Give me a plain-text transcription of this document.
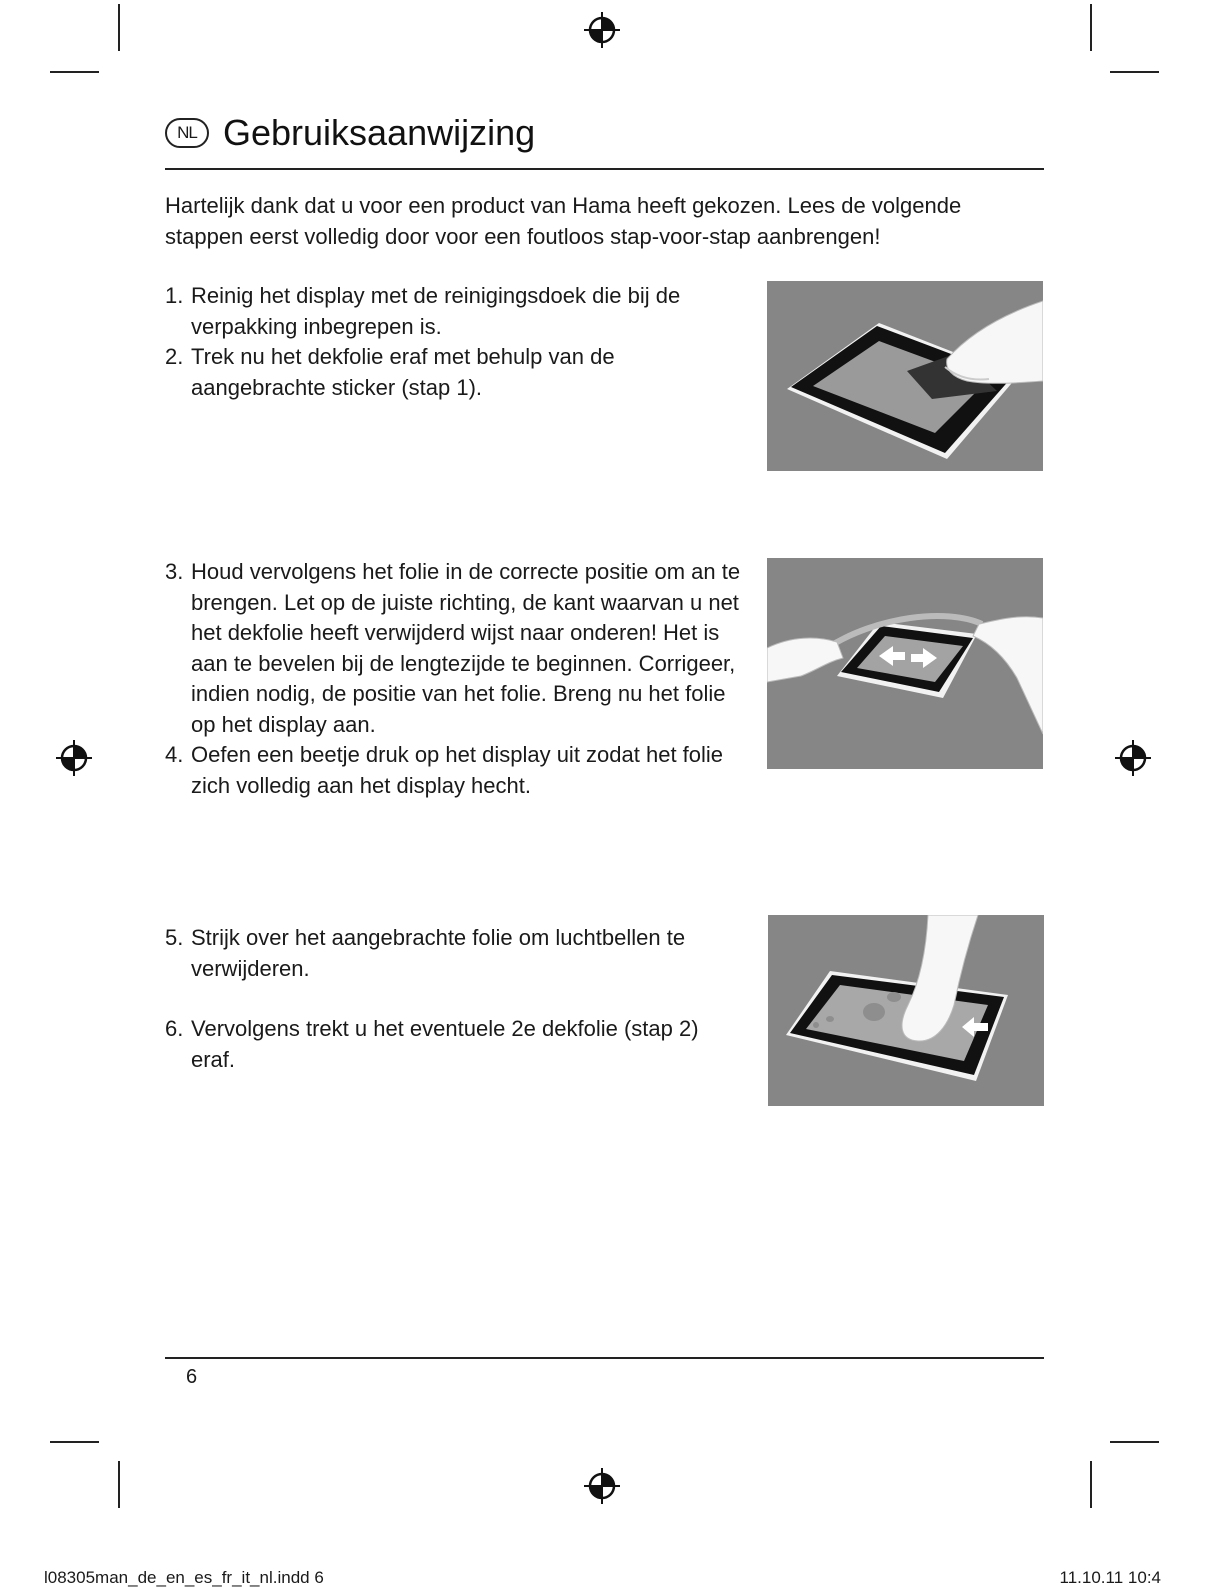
NL Gebruiksaanwijzing

Hartelijk dank dat u voor een product van Hama heeft gekozen. Lees de volgende stappen eerst volledig door voor een foutloos stap-voor-stap aanbrengen!

1. Reinig het display met de reinigingsdoek die bij de verpakking inbegrepen is.
2. Trek nu het dekfolie eraf met behulp van de aangebrachte sticker (stap 1).
3. Houd vervolgens het folie in de correcte positie om an te brengen. Let op de juiste richting, de kant waarvan u net het dekfolie heeft verwijderd wijst naar onderen! Het is aan te bevelen bij de lengtezijde te beginnen. Corrigeer, indien nodig, de positie van het folie. Breng nu het folie op het display aan.
4. Oefen een beetje druk op het display uit zodat het folie zich volledig aan het display hecht.
5. Strijk over het aangebrachte folie om luchtbellen te verwijderen.
6. Vervolgens trekt u het eventuele 2e dekfolie (stap 2) eraf.
6
l08305man_de_en_es_fr_it_nl.indd 6	11.10.11 10:4
